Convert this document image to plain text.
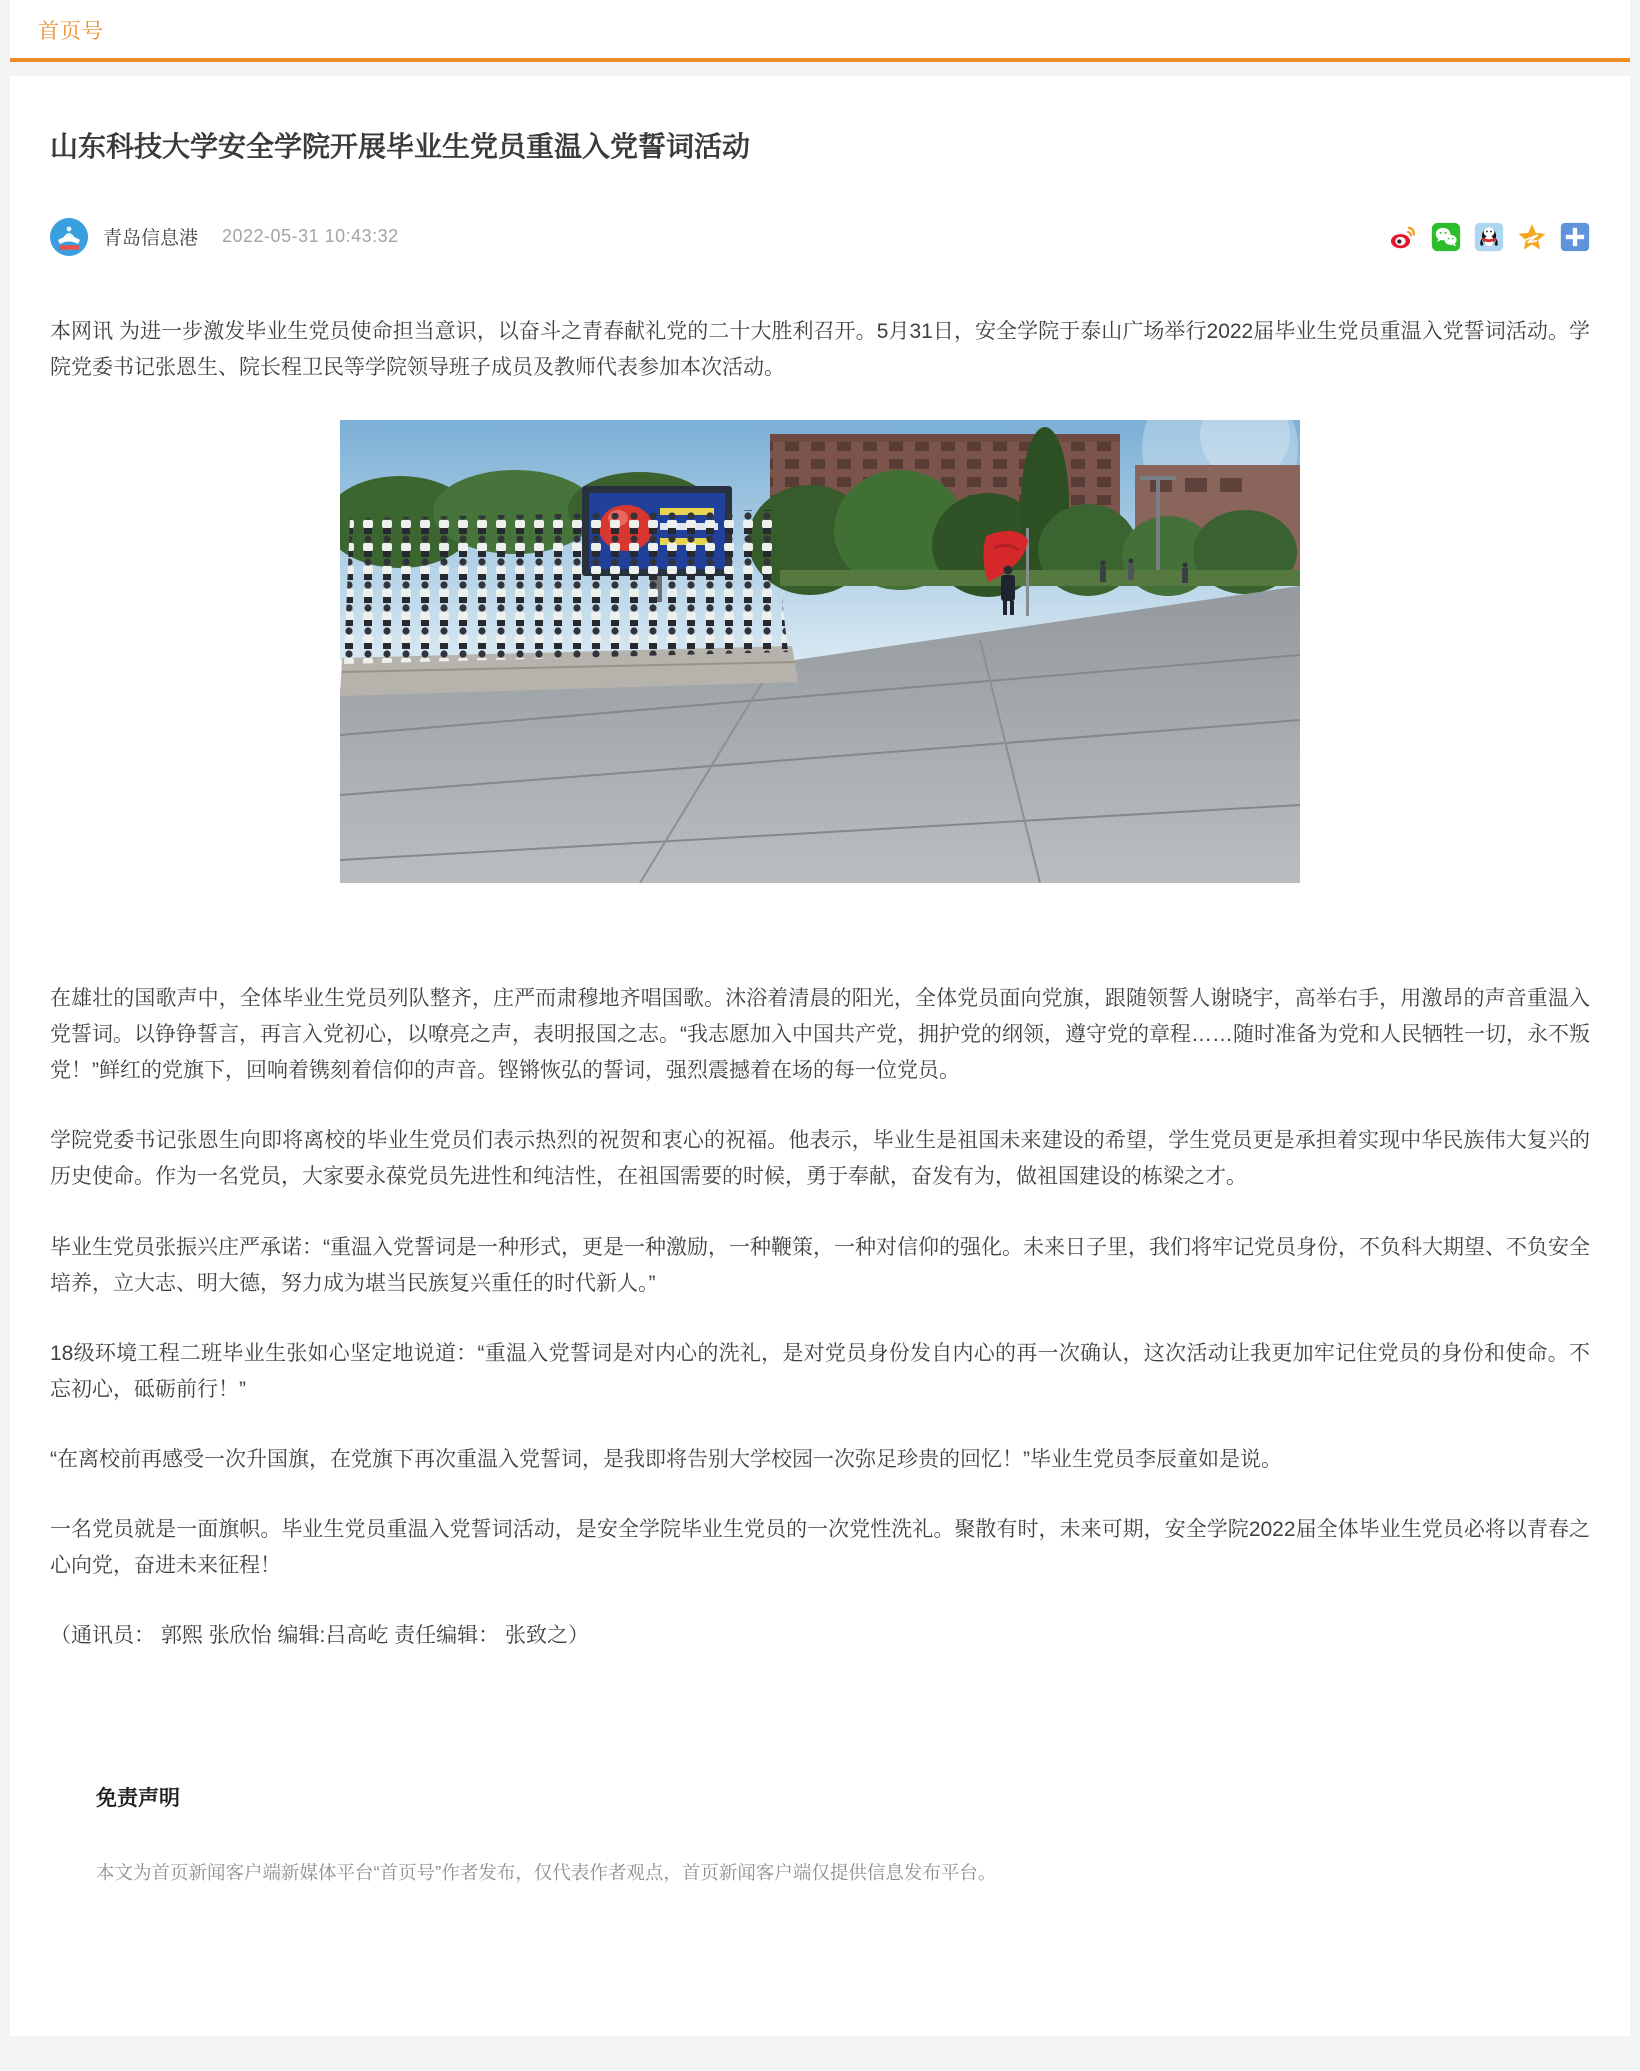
首页号
山东科技大学安全学院开展毕业生党员重温入党誓词活动
青岛信息港 2022-05-31 10:43:32

本网讯 为进一步激发毕业生党员使命担当意识，以奋斗之青春献礼党的二十大胜利召开。5月31日，安全学院于泰山广场举行2022届毕业生党员重温入党誓词活动。学院党委书记张恩生、院长程卫民等学院领导班子成员及教师代表参加本次活动。

在雄壮的国歌声中，全体毕业生党员列队整齐，庄严而肃穆地齐唱国歌。沐浴着清晨的阳光，全体党员面向党旗，跟随领誓人谢晓宇，高举右手，用激昂的声音重温入党誓词。以铮铮誓言，再言入党初心，以嘹亮之声，表明报国之志。“我志愿加入中国共产党，拥护党的纲领，遵守党的章程……随时准备为党和人民牺牲一切，永不叛党！”鲜红的党旗下，回响着镌刻着信仰的声音。铿锵恢弘的誓词，强烈震撼着在场的每一位党员。

学院党委书记张恩生向即将离校的毕业生党员们表示热烈的祝贺和衷心的祝福。他表示，毕业生是祖国未来建设的希望，学生党员更是承担着实现中华民族伟大复兴的历史使命。作为一名党员，大家要永葆党员先进性和纯洁性，在祖国需要的时候，勇于奉献，奋发有为，做祖国建设的栋梁之才。

毕业生党员张振兴庄严承诺：“重温入党誓词是一种形式，更是一种激励，一种鞭策，一种对信仰的强化。未来日子里，我们将牢记党员身份，不负科大期望、不负安全培养，立大志、明大德，努力成为堪当民族复兴重任的时代新人。”

18级环境工程二班毕业生张如心坚定地说道：“重温入党誓词是对内心的洗礼，是对党员身份发自内心的再一次确认，这次活动让我更加牢记住党员的身份和使命。不忘初心，砥砺前行！”

“在离校前再感受一次升国旗，在党旗下再次重温入党誓词，是我即将告别大学校园一次弥足珍贵的回忆！”毕业生党员李辰童如是说。

一名党员就是一面旗帜。毕业生党员重温入党誓词活动，是安全学院毕业生党员的一次党性洗礼。聚散有时，未来可期，安全学院2022届全体毕业生党员必将以青春之心向党，奋进未来征程！

（通讯员： 郭熙 张欣怡 编辑:吕高屹 责任编辑： 张致之）

免责声明
本文为首页新闻客户端新媒体平台“首页号”作者发布，仅代表作者观点，首页新闻客户端仅提供信息发布平台。
